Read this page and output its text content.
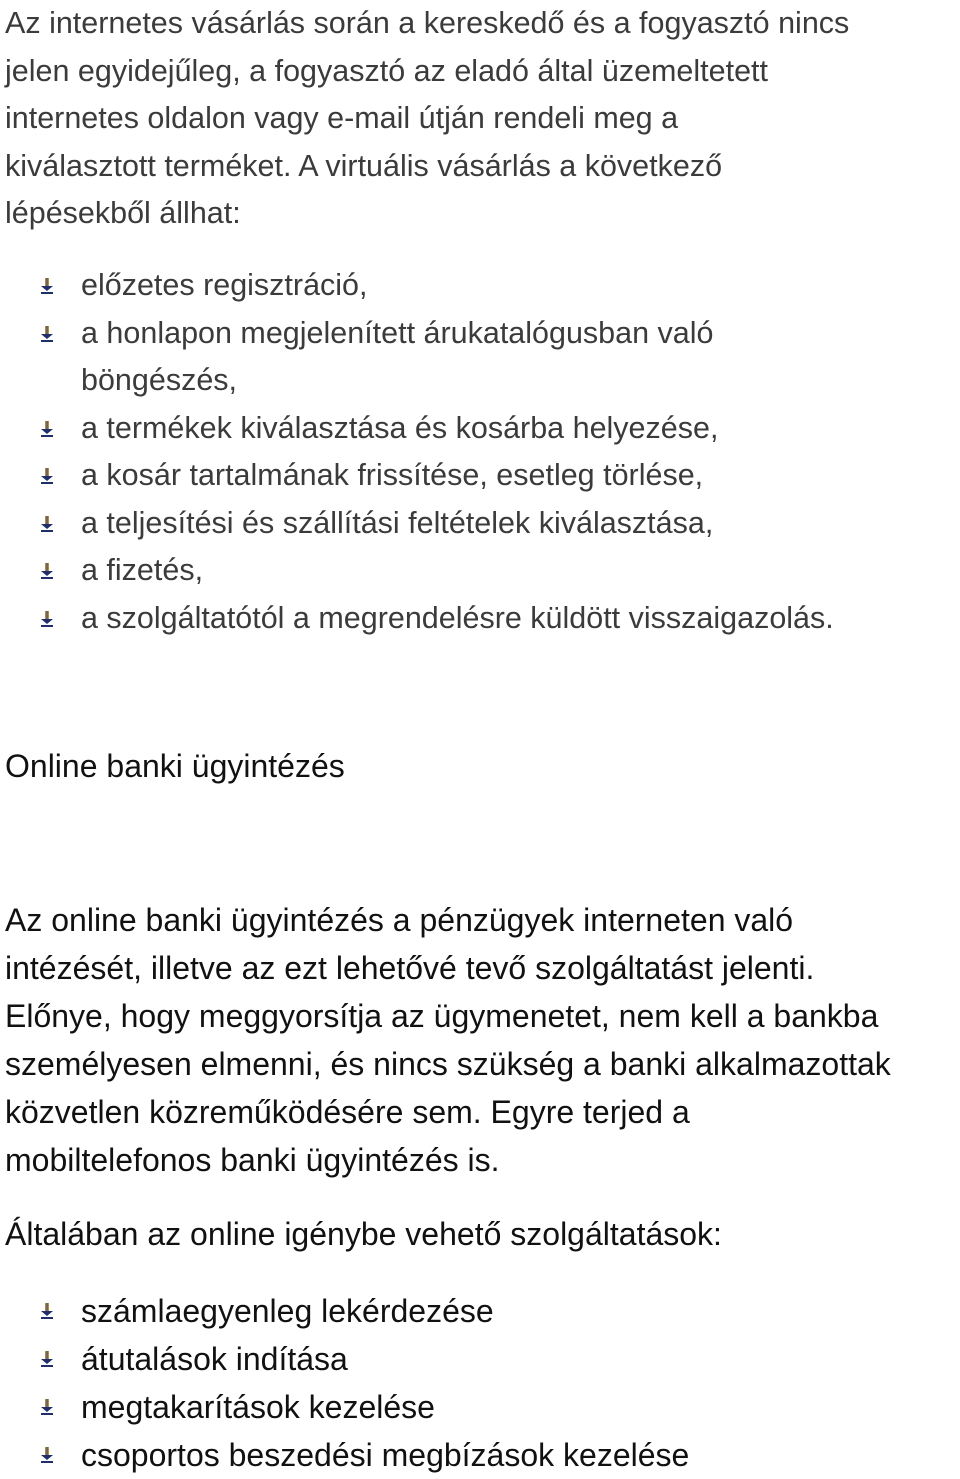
Az internetes vásárlás során a kereskedő és a fogyasztó nincs
jelen egyidejűleg, a fogyasztó az eladó által üzemeltetett
internetes oldalon vagy e-mail útján rendeli meg a
kiválasztott terméket. A virtuális vásárlás a következő
lépésekből állhat:

előzetes regisztráció,
a honlapon megjelenített árukatalógusban való
böngészés,
a termékek kiválasztása és kosárba helyezése,
a kosár tartalmának frissítése, esetleg törlése,
a teljesítési és szállítási feltételek kiválasztása,
a fizetés,
a szolgáltatótól a megrendelésre küldött visszaigazolás.

Online banki ügyintézés

Az online banki ügyintézés a pénzügyek interneten való
intézését, illetve az ezt lehetővé tevő szolgáltatást jelenti.
Előnye, hogy meggyorsítja az ügymenetet, nem kell a bankba
személyesen elmenni, és nincs szükség a banki alkalmazottak
közvetlen közreműködésére sem. Egyre terjed a
mobiltelefonos banki ügyintézés is.

Általában az online igénybe vehető szolgáltatások:

számlaegyenleg lekérdezése
átutalások indítása
megtakarítások kezelése
csoportos beszedési megbízások kezelése
